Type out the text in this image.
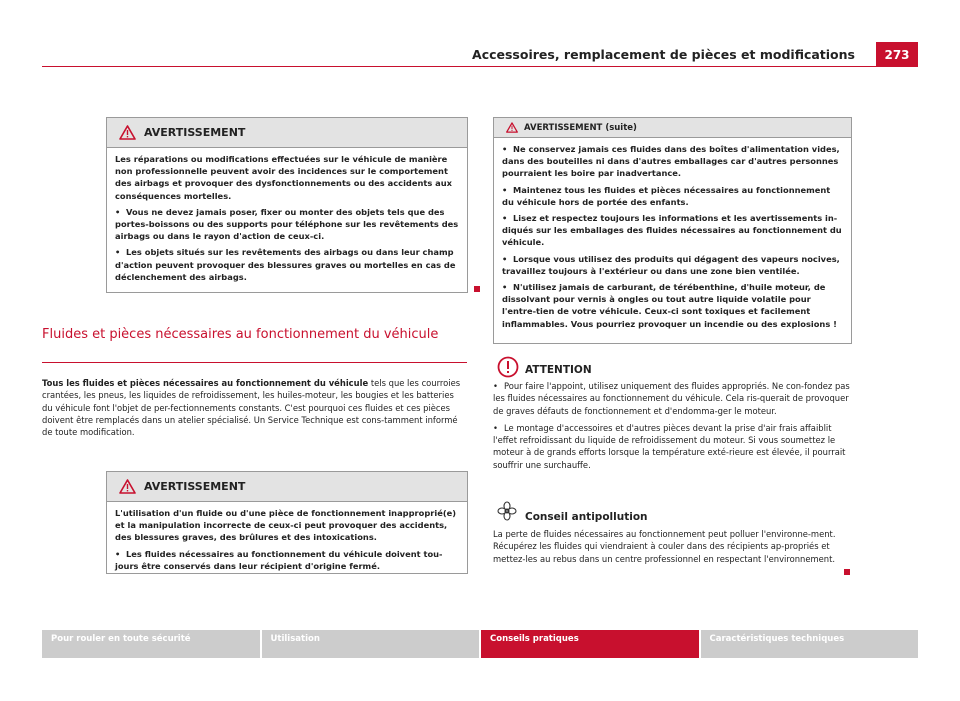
Accessoires, remplacement de pièces et modifications	273
AVERTISSEMENT

Les réparations ou modifications effectuées sur le véhicule de manière non professionnelle peuvent avoir des incidences sur le comportement des airbags et provoquer des dysfonctionnements ou des accidents aux conséquences mortelles.

• Vous ne devez jamais poser, fixer ou monter des objets tels que des portes-boissons ou des supports pour téléphone sur les revêtements des airbags ou dans le rayon d'action de ceux-ci.

• Les objets situés sur les revêtements des airbags ou dans leur champ d'action peuvent provoquer des blessures graves ou mortelles en cas de déclenchement des airbags.

Fluides et pièces nécessaires au fonctionnement du véhicule
Tous les fluides et pièces nécessaires au fonctionnement du véhicule tels que les courroies crantées, les pneus, les liquides de refroidissement, les huiles-moteur, les bougies et les batteries du véhicule font l'objet de per-fectionnements constants. C'est pourquoi ces fluides et ces pièces doivent être remplacés dans un atelier spécialisé. Un Service Technique est cons-tamment informé de toute modification.
AVERTISSEMENT

L'utilisation d'un fluide ou d'une pièce de fonctionnement inapproprié(e) et la manipulation incorrecte de ceux-ci peut provoquer des accidents, des blessures graves, des brûlures et des intoxications.

• Les fluides nécessaires au fonctionnement du véhicule doivent tou-jours être conservés dans leur récipient d'origine fermé.

AVERTISSEMENT (suite)

• Ne conservez jamais ces fluides dans des boîtes d'alimentation vides, dans des bouteilles ni dans d'autres emballages car d'autres personnes pourraient les boire par inadvertance.

• Maintenez tous les fluides et pièces nécessaires au fonctionnement du véhicule hors de portée des enfants.

• Lisez et respectez toujours les informations et les avertissements in-diqués sur les emballages des fluides nécessaires au fonctionnement du véhicule.

• Lorsque vous utilisez des produits qui dégagent des vapeurs nocives, travaillez toujours à l'extérieur ou dans une zone bien ventilée.

• N'utilisez jamais de carburant, de térébenthine, d'huile moteur, de dissolvant pour vernis à ongles ou tout autre liquide volatile pour l'entre-tien de votre véhicule. Ceux-ci sont toxiques et facilement inflammables. Vous pourriez provoquer un incendie ou des explosions !

ATTENTION

• Pour faire l'appoint, utilisez uniquement des fluides appropriés. Ne con-fondez pas les fluides nécessaires au fonctionnement du véhicule. Cela ris-querait de provoquer de graves défauts de fonctionnement et d'endomma-ger le moteur.

• Le montage d'accessoires et d'autres pièces devant la prise d'air frais affaiblit l'effet refroidissant du liquide de refroidissement du moteur. Si vous soumettez le moteur à de grands efforts lorsque la température exté-rieure est élevée, il pourrait souffrir une surchauffe.

Conseil antipollution
La perte de fluides nécessaires au fonctionnement peut polluer l'environne-ment. Récupérez les fluides qui viendraient à couler dans des récipients ap-propriés et mettez-les au rebus dans un centre professionnel en respectant l'environnement.
Pour rouler en toute sécurité	Utilisation	Conseils pratiques	Caractéristiques techniques
